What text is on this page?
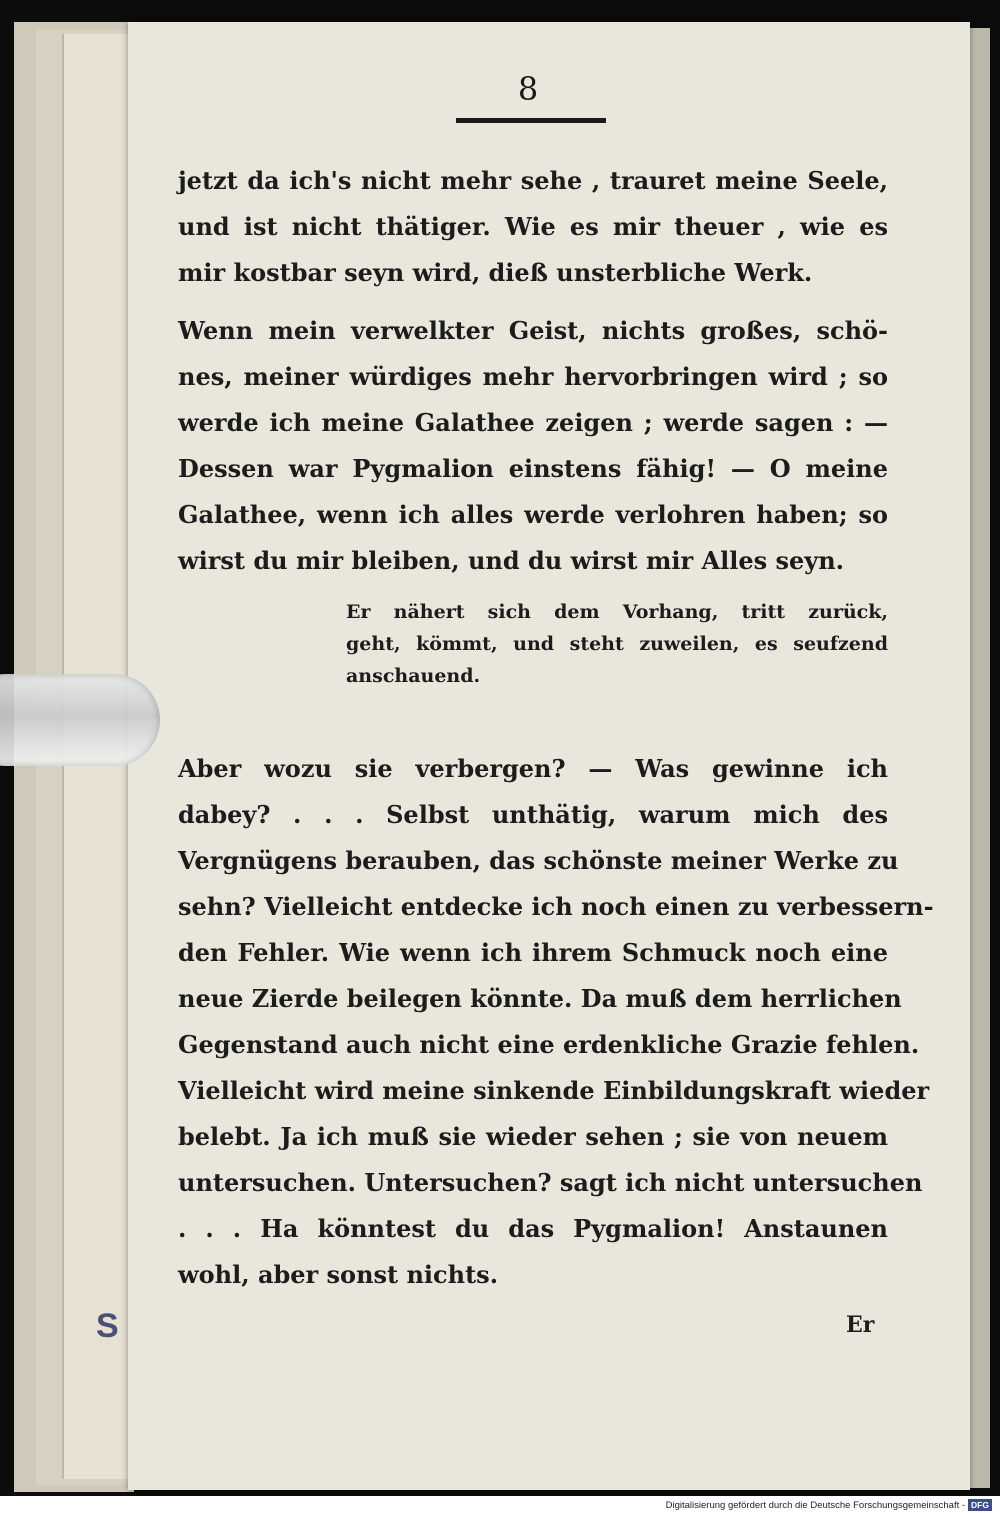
S
8
jetzt da ich's nicht mehr sehe , trauret meine Seele,
und ist nicht thätiger. Wie es mir theuer , wie es
mir kostbar seyn wird, dieß unsterbliche Werk.
Wenn mein verwelkter Geist, nichts großes, schö-
nes, meiner würdiges mehr hervorbringen wird ; so
werde ich meine Galathee zeigen ; werde sagen : —
Dessen war Pygmalion einstens fähig! — O meine
Galathee, wenn ich alles werde verlohren haben; so
wirst du mir bleiben, und du wirst mir Alles seyn.
Er nähert sich dem Vorhang, tritt zurück,
geht, kömmt, und steht zuweilen, es seufzend
anschauend.
Aber wozu sie verbergen? — Was gewinne ich
dabey? . . . Selbst unthätig, warum mich des
Vergnügens berauben, das schönste meiner Werke zu
sehn? Vielleicht entdecke ich noch einen zu verbessern-
den Fehler. Wie wenn ich ihrem Schmuck noch eine
neue Zierde beilegen könnte. Da muß dem herrlichen
Gegenstand auch nicht eine erdenkliche Grazie fehlen.
Vielleicht wird meine sinkende Einbildungskraft wieder
belebt. Ja ich muß sie wieder sehen ; sie von neuem
untersuchen. Untersuchen? sagt ich nicht untersuchen
. . . Ha könntest du das Pygmalion! Anstaunen
wohl, aber sonst nichts.
Er
Digitalisierung gefördert durch die Deutsche Forschungsgemeinschaft - DFG
